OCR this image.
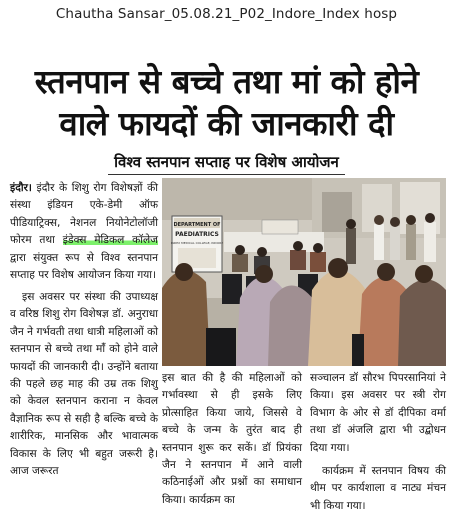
Chautha Sansar_05.08.21_P02_Indore_Index hosp
स्तनपान से बच्चे तथा मां को होने
वाले फायदों की जानकारी दी
विश्व स्तनपान सप्ताह पर विशेष आयोजन

इंदौर। इंदौर के शिशु रोग विशेषज्ञों की संस्था इंडियन एके-डेमी ऑफ पीडियाट्रिक्स, नेशनल नियोनेटोलॉजी फोरम तथा इंडेक्स मेडिकल कॉलेज द्वारा संयुक्त रूप से विश्व स्तनपान सप्ताह पर विशेष आयोजन किया गया।

इस अवसर पर संस्था की उपाध्यक्ष व वरिष्ठ शिशु रोग विशेषज्ञ डॉ. अनुराधा जैन ने गर्भवती तथा धात्री महिलाओं को स्तनपान से बच्चे तथा मांँ को होने वाले फायदों की जानकारी दी। उन्होंने बताया की पहले छह माह की उम्र तक शिशु को केवल स्तनपान कराना न केवल वैज्ञानिक रूप से सही है बल्कि बच्चे के शारीरिक, मानसिक और भावात्मक विकास के लिए भी बहुत जरूरी है। आज जरूरत

DEPARTMENT OF
PAEDIATRICS
INDEX MEDICAL COLLEGE, INDORE

इस बात की है की महिलाओं को गर्भावस्था से ही इसके लिए प्रोत्साहित किया जाये, जिससे वे बच्चे के जन्म के तुरंत बाद ही स्तनपान शुरू कर सकें। डॉ प्रियंका जैन ने स्तनपान में आने वाली कठिनाईओं और प्रश्नों का समाधान किया। कार्यक्रम का

सञ्चालन डॉ सौरभ पिपरसानियां ने किया। इस अवसर पर स्त्री रोग विभाग के ओर से डॉ दीपिका वर्मा तथा डॉ अंजलि द्वारा भी उद्बोधन दिया गया।

कार्यक्रम में स्तनपान विषय की थीम पर कार्यशाला व नाट्य मंचन भी किया गया।
